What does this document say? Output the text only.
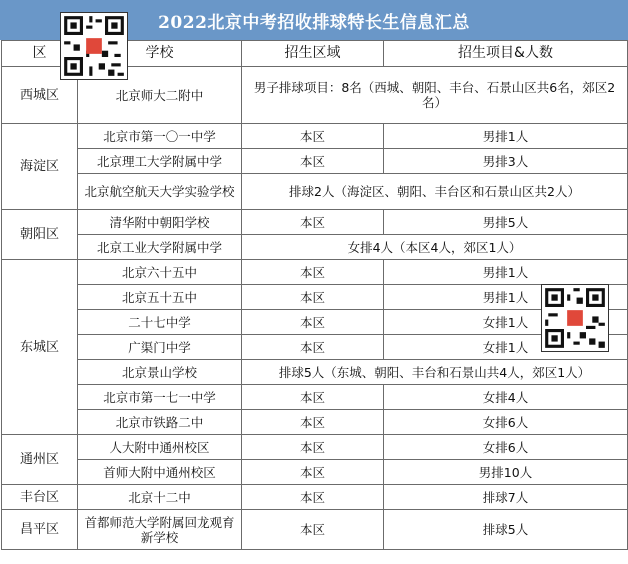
2022北京中考招收排球特长生信息汇总
区	学校	招生区域	招生项目&人数
西城区	北京师大二附中	男子排球项目：8名（西城、朝阳、丰台、石景山区共6名，郊区2名）	
海淀区	北京市第一〇一中学	本区	男排1人
	北京理工大学附属中学	本区	男排3人
	北京航空航天大学实验学校	排球2人（海淀区、朝阳、丰台区和石景山区共2人）	
朝阳区	清华附中朝阳学校	本区	男排5人
	北京工业大学附属中学	女排4人（本区4人，郊区1人）	
东城区	北京六十五中	本区	男排1人
	北京五十五中	本区	男排1人
	二十七中学	本区	女排1人
	广渠门中学	本区	女排1人
	北京景山学校	排球5人（东城、朝阳、丰台和石景山共4人，郊区1人）	
	北京市第一七一中学	本区	女排4人
	北京市铁路二中	本区	女排6人
通州区	人大附中通州校区	本区	女排6人
	首师大附中通州校区	本区	男排10人
丰台区	北京十二中	本区	排球7人
昌平区	首都师范大学附属回龙观育新学校	本区	排球5人
